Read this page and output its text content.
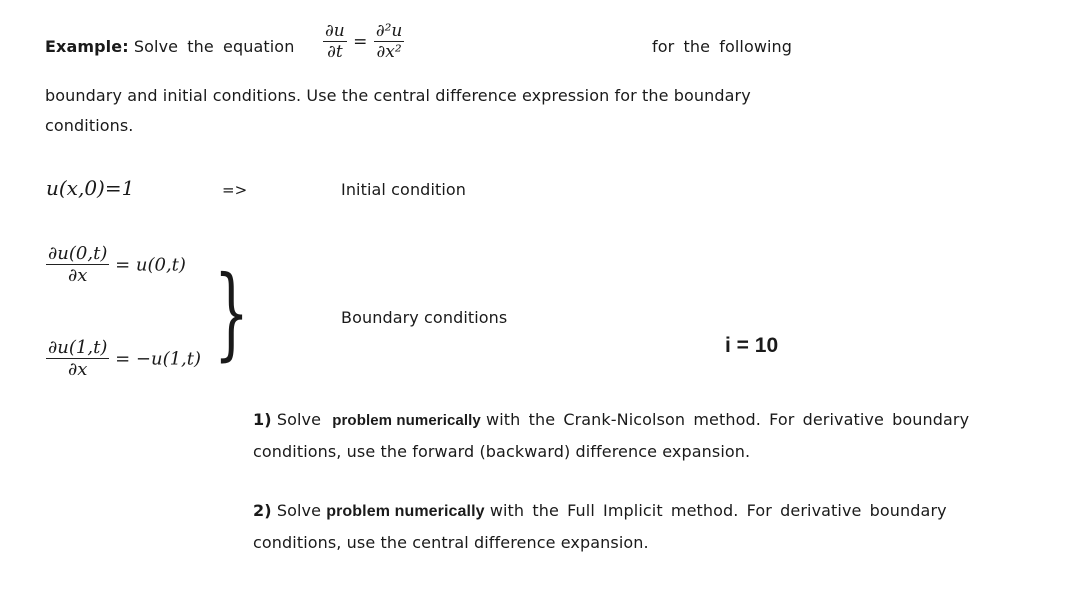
Example: Solve the equation $\frac{\partial u}{\partial t} = \frac{\text{∂²u}}{\text{∂x²}}$	for the following
boundary and initial conditions. Use the central difference expression for the boundary
conditions.
u(x,0)=1	=>	Initial condition
$\frac{\partial u(0,t)}{\partial x} = u(0,t)$
$\frac{\partial u(1,t)}{\partial x} = -u(1,t)$ }	Boundary conditions
i = 10
1) Solve problem numerically with the Crank-Nicolson method. For derivative boundary
conditions, use the forward (backward) difference expansion.
2) Solve problem numerically with the Full Implicit method. For derivative boundary
conditions, use the central difference expansion.
